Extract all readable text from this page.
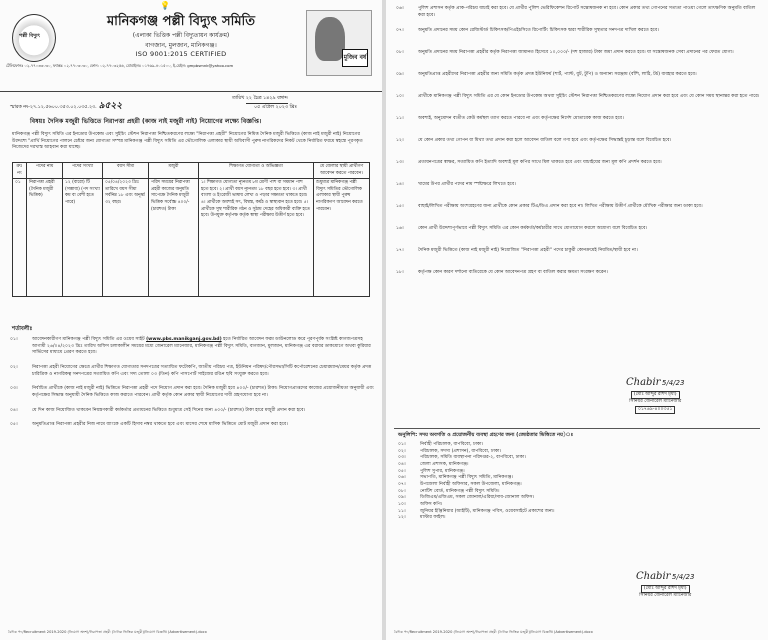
💡
পল্লী বিদ্যুৎ
মানিকগঞ্জ পল্লী বিদ্যুৎ সমিতি
(এলাকা ভিত্তিক পল্লী বিদ্যুতায়ন কার্যক্রম)
বাগজান, মুলজান, মানিকগঞ্জ।
ISO 9001:2015 CERTIFIED	মুজিব বর্ষ
টেলিফোনঃ ০২-৭৭০৩৩০৩০, ফ্যাক্সঃ ০২-৭৭০৩০৩০, ফোন: ০২-৭৭০৩২৫৬, মোবাইলঃ ০১৭৬৯-৪০১৫০০, ই-মেইল: gmpbsmnk@yahoo.com
স্মারক নং-২৭.১২.৫৬০০.৩৫৩.০২.০৩৫.২৩. ৯৫২২
তারিখ ২২ চৈত্র ১৪২৯ বঙ্গাব্দ
০৫ এপ্রিল ২০২৩ খ্রিঃ
বিষয়ঃ দৈনিক মজুরী ভিত্তিতে নিরাপত্তা প্রহরী (কাজ নাই মজুরী নাই) নিয়োগের লক্ষ্যে বিজ্ঞপ্তি।
মানিকগঞ্জ পল্লী বিদ্যুৎ সমিতি এর ইনডোর উপকেন্দ্র এবং সুইচিং স্টেশন নিরাপত্তা নিশ্চিতকরণের লক্ষ্যে "নিরাপত্তা প্রহরী" নিয়োগের নিমিত্ত দৈনিক মজুরী ভিত্তিতে (কাজ নাই মজুরী নাই) নিয়োগের উদ্দেশ্যে "প্রার্থি নিয়োগের পালনে চেষ্টার জন্য যোগ্যতা সম্পন্ন মানিকগঞ্জ পল্লী বিদ্যুৎ সমিতি এর ভৌগোলিক এলাকার স্থায়ী অধিবাসী পুরুষ নাগরিকদের নিকট থেকে নির্ধারিত ফরমে স্বহস্তে পূরণকৃত নিজেদের দরখাস্ত আহবান করা যাচ্ছে।
ক্রঃ নং	পদের নাম	পদের সংখ্যা	বয়স সীমা	মজুরী	শিক্ষাগত যোগ্যতা ও অভিজ্ঞতা	যে জেলার স্থায়ী প্রার্থীগণ আবেদন করতে পারবেন।
০১	নিরাপত্তা প্রহরী (দৈনিক মজুরী ভিত্তিক)	১২ (বারো) টি (সম্ভাব্য) (পদ সংখ্যা কম বা বেশী হতে পারে)	০৫/০৪/২০২৩ খ্রিঃ তারিখে বয়স সীমা সর্বনিম্ন ১৮ এবং অনূর্ধ্ব ৩২ বছর।	পরিদ সময়ের নিরাপত্তা প্রহরী কাজের অনুমতি সাপেক্ষে দৈনিক মজুরী ভিত্তিক সর্বোচ্চ ৪০০/- (চারশত) টাকা	১। শিক্ষাগত যোগ্যতা ন্যূনতম ৮ম শ্রেণী পাশ বা সমমান পাশ হতে হবে। ২। প্রার্থী বয়স ন্যূনতম ১৮ বছর হতে হবে। ৩। প্রার্থী বাংলা ও ইংরেজী ভাষায় লেখা ও পড়ার সক্ষমতা থাকতে হবে। ৪। প্রার্থীকে অবশ্যই সৎ, বিশ্বস্ত, কর্মঠ ও স্বাস্থ্যবান হতে হবে। ৫। প্রার্থীকে সুস্থ শারীরিক গঠন ও সুঠাম দেহের অধিকারী ব্যক্তি হতে হবে। উপযুক্ত কর্তৃপক্ষ কর্তৃক স্বাস্থ্য পরীক্ষায় উত্তীর্ণ হতে হবে।	শুধুমাত্র মানিকগঞ্জ পল্লী বিদ্যুৎ সমিতির ভৌগোলিক এলাকার স্থায়ী পুরুষ নাগরিকগণ আবেদন করতে পারবেন।
শর্তাবলীঃ
০১।	আবেদনকারীগণ মানিকগঞ্জ পল্লী বিদ্যুৎ সমিতি এর ওয়েব সাইট (www.pbs.manikganj.gov.bd) হতে নির্ধারিত আবেদন ফরম ডাউনলোড করে পূরণপূর্বক সংশ্লিষ্ট কাগজপত্রসহ আগামী ২৬/০৪/২০২৩ খ্রিঃ তারিখ অফিস চলাকালীন সময়ের মধ্যে জেনারেল ম্যানেজার, মানিকগঞ্জ পল্লী বিদ্যুৎ সমিতি, বাগজান, মুলজান, মানিকগঞ্জ এর বরাবর ডাকযোগে অথবা কুরিয়ার সার্ভিসের মাধ্যমে প্রেরণ করতে হবে।
০২।	নিরাপত্তা প্রহরী নিয়োগের ক্ষেত্রে প্রার্থীর শিক্ষাগত যোগ্যতার সনদপত্রের সত্যায়িত ফটোকপি, জাতীয় পরিচয় পত্র, ইউনিয়ন পরিষদ/পৌরসভা/সিটি কর্পোরেশনের চেয়ারম্যান/মেয়র কর্তৃক প্রদত্ত চারিত্রিক ও নাগরিকত্ব সনদপত্রের সত্যায়িত কপি এবং সদ্য তোলা ০৩ (তিন) কপি পাসপোর্ট সাইজের রঙিন ছবি সংযুক্ত করতে হবে।
০৩।	নির্বাচিত প্রার্থীকে (কাজ নাই মজুরী নাই) ভিত্তিতে নিরাপত্তা প্রহরী পদে নিয়োগ প্রদান করা হবে। দৈনিক মজুরী হবে ৪০০/- (চারশত) টাকা। নিয়োগপ্রাপ্তদের কাজের প্রয়োজনীয়তা অনুযায়ী এবং কর্তৃপক্ষের সিদ্ধান্ত অনুযায়ী দৈনিক ভিত্তিতে কাজ করাতে পারবেন। প্রার্থী কর্তৃক কোন প্রকার স্থায়ী নিয়োগের দাবী গ্রহণযোগ্য হবে না।
০৪।	যে দিন কাজ নিয়োজিত থাকবেন নিয়ন্ত্রণকারী কর্মকর্তার প্রত্যয়নের ভিত্তিতে শুধুমাত্র সেই দিনের জন্য ৪০০/- (চারশত) টাকা হারে মজুরী প্রদান করা হবে।
০৫।	অনুমতিপ্রাপ্ত নিরাপত্তা প্রহরীর নিজ নামে ব্যাংকে একটি হিসাব নম্বর থাকতে হবে এবং মাসের শেষে মাসিক ভিত্তিতে মোট মজুরী প্রদান করা হবে।
বৈদিক পদ/Recruitment 2019-2020 (নিয়োগ অংশ)/নিরাপত্তা প্রহরী (দৈনিক ভিত্তিক মজুরী)/নিয়োগ বিজ্ঞপ্তি (Advertisement).docx
০৬।	পুলিশ প্রশাসন কর্তৃক প্রাক-পরিচয় যাচাই করা হবে। যে প্রার্থীর পুলিশ ভেরিফিকেশন রিপোর্ট সন্তোষজনক না হবে। কোন প্রকার তথ্য গোপনের সত্যতা পাওয়া গেলে তাৎক্ষণিক অনুমতি বাতিল করা হবে।
০৭।	অনুমতি প্রদানের সময় কোন রেজিস্টার্ড চিকিৎসক/পিএইচসিতে রিপোর্টিং চিকিৎসক দ্বারা শারীরিক সুস্থতার সনদপত্র দাখিল করতে হবে।
০৮।	অনুমতি প্রদানের সময় নিরাপত্তা প্রহরীর কর্তৃক নিরাপত্তা জামানত হিসেবে ১০,০০০/- (দশ হাজার) টাকা জমা প্রদান করতে হবে। যা সন্তোষজনক সেবা প্রদানের পর ফেরত যোগ্য।
০৯।	অনুমতিপ্রাপ্ত প্রহরীদের নিরাপত্তা প্রহরীর জন্য সমিতি কর্তৃক প্রদত্ত ইউনিফর্ম (শার্ট, প্যান্ট, বুট, টুপি) ও অন্যান্য সরঞ্জাম (বাঁশি, লাঠি, টর্চ) ব্যবহার করতে হবে।
১০।	প্রার্থীকে মানিকগঞ্জ পল্লী বিদ্যুৎ সমিতি এর যে কোন ইনডোর উপকেন্দ্র অথবা সুইচিং স্টেশন নিরাপত্তা নিশ্চিতকরণের লক্ষ্যে নিয়োগ প্রদান করা হবে এবং যে কোন সময় স্থানান্তর করা হতে পারে।
১১।	অবশ্যই, অনুমোদন ব্যতীত কেউ কর্মস্থল ত্যাগ করতে পারবে না এবং কর্তৃপক্ষের নির্দেশ মোতাবেক কাজ করতে হবে।
১২।	যে কোন প্রকার তথ্য গোপন বা মিথ্যা তথ্য প্রদান করা হলে আবেদন বাতিল বলে গণ্য হবে এবং কর্তৃপক্ষের সিদ্ধান্তই চূড়ান্ত বলে বিবেচিত হবে।
১৩।	প্রত্যয়নপত্রের স্বাক্ষর, সত্যায়িত কপি ইত্যাদি অবশ্যই মূল কপির সাথে মিল থাকতে হবে এবং যাচাইয়ের জন্য মূল কপি প্রদর্শন করতে হবে।
১৪।	খামের উপর প্রার্থীর পদের নাম স্পষ্টাক্ষরে লিখতে হবে।
১৫।	বাছাই/লিখিত পরীক্ষায় অংশগ্রহণের জন্য প্রার্থীকে কোন প্রকার টিএ/ডিএ প্রদান করা হবে না। লিখিত পরীক্ষায় উত্তীর্ণ প্রার্থীকে মৌখিক পরীক্ষার জন্য ডাকা হবে।
১৬।	কোন প্রার্থী উদ্দেশ্যপূর্ণভাবে পল্লী বিদ্যুৎ সমিতি এর কোন কর্মকর্তা/কর্মচারীর সাথে যোগাযোগ করলে অযোগ্য বলে বিবেচিত হবে।
১৭।	দৈনিক মজুরী ভিত্তিতে (কাজ নাই মজুরী নাই) নিয়োজিত "নিরাপত্তা প্রহরী" পদের চাকুরী কোনক্রমেই নিয়মিত/স্থায়ী হবে না।
১৮।	কর্তৃপক্ষ কোন কারণ দর্শানো ব্যতিরেকে যে কোন আবেদনপত্র গ্রহণ বা বাতিল করার ক্ষমতা সংরক্ষণ করেন।
Chabir 5/4/23
(মোঃ আব্দুর রশিদ মৃধা)
সিনিয়র জেনারেল ম্যানেজার
০১৭৬৯-৪০০৩৫১
অনুলিপি: সদয় অবগতি ও প্রয়োজনীয় ব্যবস্থা গ্রহণের জন্য (জ্যেষ্ঠতার ভিত্তিতে নয়)ঃ
০১।	নির্বাহী পরিচালক, বাপবিবো, ঢাকা।
০২।	পরিচালক, সদস্য (প্রশাসন), বাপবিবো, ঢাকা।
০৩।	পরিচালক, সমিতি ব্যবস্থাপনা পরিদপ্তর-২, বাপবিবো, ঢাকা।
০৪।	জেলা প্রশাসক, মানিকগঞ্জ।
০৫।	পুলিশ সুপার, মানিকগঞ্জ।
০৬।	সভাপতি, মানিকগঞ্জ পল্লী বিদ্যুৎ সমিতি, মানিকগঞ্জ।
০৭।	উপজেলা নির্বাহী অফিসার, সকল উপজেলা, মানিকগঞ্জ।
০৮।	নোটিশ বোর্ড, মানিকগঞ্জ পল্লী বিদ্যুৎ সমিতি।
০৯।	ডিজিএম/এজিএম, সকল জোনাল/এরিয়া/সাব-জোনাল অফিস।
১০।	অফিস কপি।
১১।	জুনিয়র ইঞ্জিনিয়ার (আইটি), মানিকগঞ্জ পবিস, ওয়েবসাইটে প্রকাশের জন্য।
১২।	মাস্টার ফাইল।
Chabir 5/4/23
(মোঃ আব্দুর রশিদ মৃধা)
সিনিয়র জেনারেল ম্যানেজার
বৈদিক পদ/Recruitment 2019-2020 (নিয়োগ অংশ)/নিরাপত্তা প্রহরী (দৈনিক ভিত্তিক মজুরী)/নিয়োগ বিজ্ঞপ্তি (Advertisement).docx
